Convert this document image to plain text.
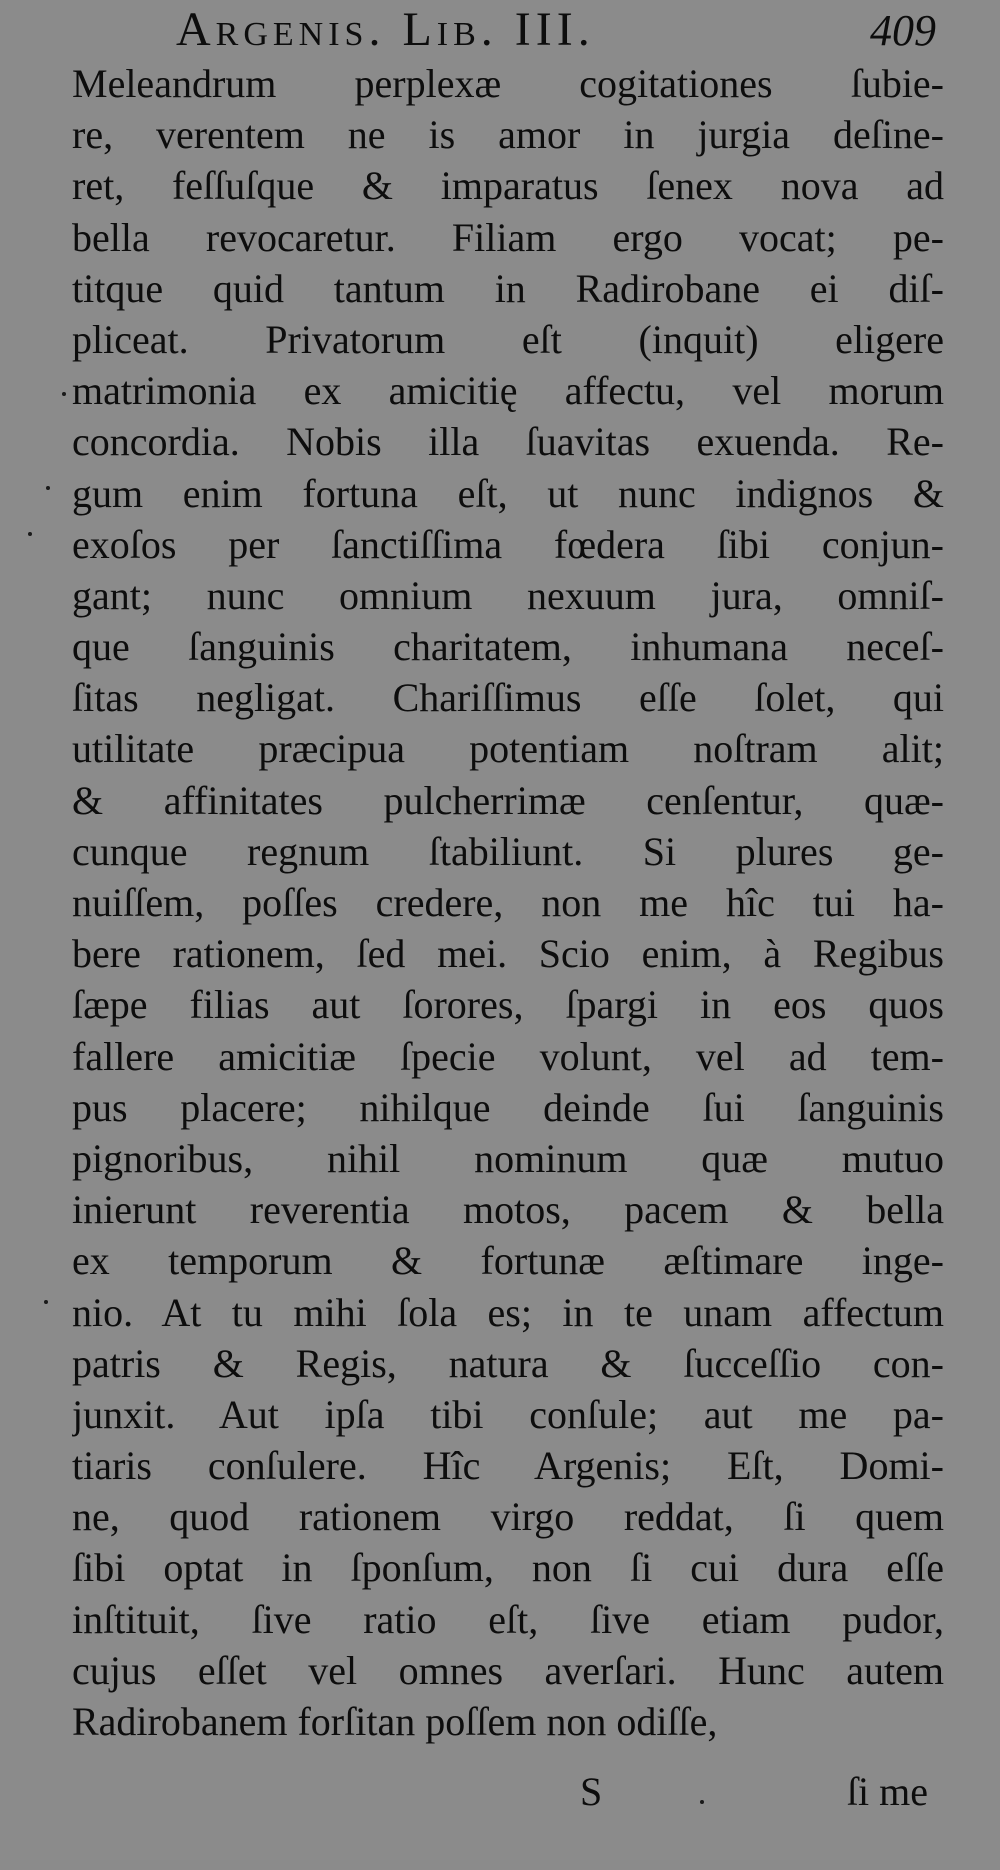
Argenis. Lib. III.	409
Meleandrum perplexæ cogitationes ſubie-
re, verentem ne is amor in jurgia deſine-
ret, feſſuſque & imparatus ſenex nova ad
bella revocaretur. Filiam ergo vocat; pe-
titque quid tantum in Radirobane ei diſ-
pliceat. Privatorum eſt (inquit) eligere
matrimonia ex amicitię affectu, vel morum
concordia. Nobis illa ſuavitas exuenda. Re-
gum enim fortuna eſt, ut nunc indignos &
exoſos per ſanctiſſima fœdera ſibi conjun-
gant; nunc omnium nexuum jura, omniſ-
que ſanguinis charitatem, inhumana neceſ-
ſitas negligat. Chariſſimus eſſe ſolet, qui
utilitate præcipua potentiam noſtram alit;
& affinitates pulcherrimæ cenſentur, quæ-
cunque regnum ſtabiliunt. Si plures ge-
nuiſſem, poſſes credere, non me hîc tui ha-
bere rationem, ſed mei. Scio enim, à Regibus
ſæpe filias aut ſorores, ſpargi in eos quos
fallere amicitiæ ſpecie volunt, vel ad tem-
pus placere; nihilque deinde ſui ſanguinis
pignoribus, nihil nominum quæ mutuo
inierunt reverentia motos, pacem & bella
ex temporum & fortunæ æſtimare inge-
nio. At tu mihi ſola es; in te unam affectum
patris & Regis, natura & ſucceſſio con-
junxit. Aut ipſa tibi conſule; aut me pa-
tiaris conſulere. Hîc Argenis; Eſt, Domi-
ne, quod rationem virgo reddat, ſi quem
ſibi optat in ſponſum, non ſi cui dura eſſe
inſtituit, ſive ratio eſt, ſive etiam pudor,
cujus eſſet vel omnes averſari. Hunc autem
Radirobanem forſitan poſſem non odiſſe,
S	ſi me
